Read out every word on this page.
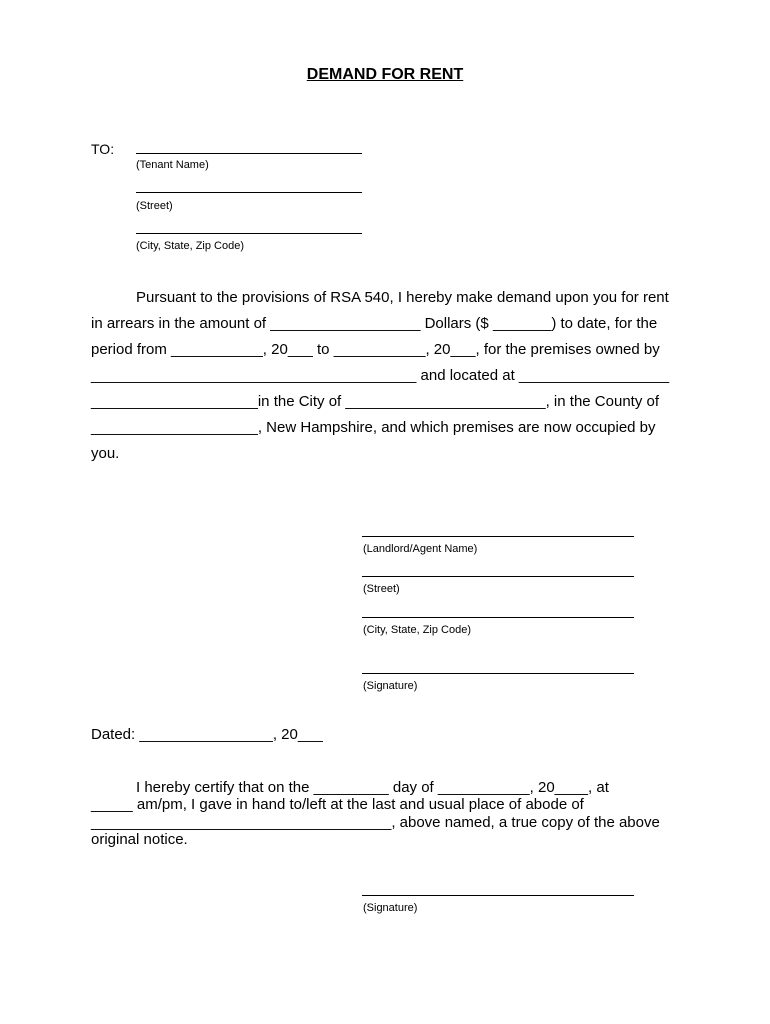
DEMAND FOR RENT
TO:
(Tenant Name)
(Street)
(City, State, Zip Code)
Pursuant to the provisions of RSA 540, I hereby make demand upon you for rent
in arrears in the amount of __________________ Dollars ($ _______) to date, for the
period from ___________, 20___ to ___________, 20___, for the premises owned by
_______________________________________ and located at __________________
____________________in the City of ________________________, in the County of
____________________, New Hampshire, and which premises are now occupied by
you.
(Landlord/Agent Name)
(Street)
(City, State, Zip Code)
(Signature)
Dated: ________________, 20___
I hereby certify that on the _________ day of ___________, 20____, at
_____ am/pm, I gave in hand to/left at the last and usual place of abode of
____________________________________, above named, a true copy of the above
original notice.
(Signature)
